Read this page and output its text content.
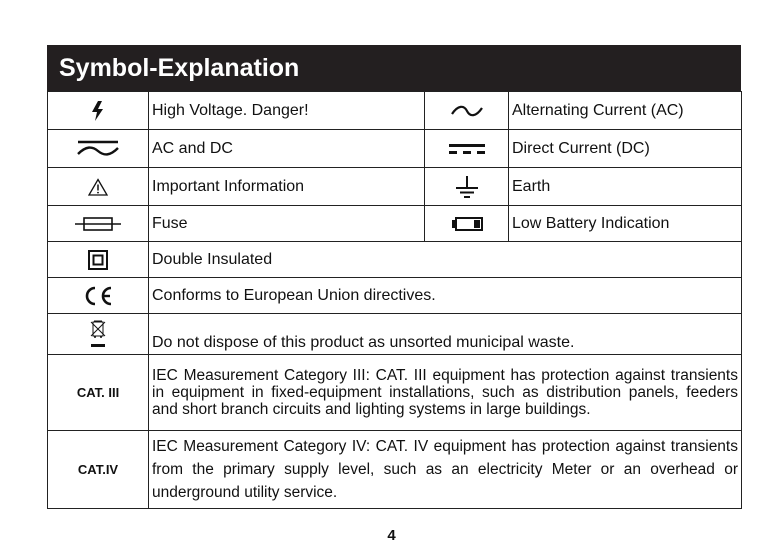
Symbol-Explanation
	High Voltage. Danger!		Alternating Current (AC)

	AC and DC		Direct Current (DC)

	Important Information		Earth

	Fuse		Low Battery Indication

	Double Insulated		

	Conforms to European Union directives.		

	Do not dispose of this product as unsorted municipal waste.		
CAT. III	IEC Measurement Category III: CAT. III equipment has protection against transients in equipment in fixed-equipment installations, such as distribution panels, feeders and short branch circuits and lighting systems in large buildings.		
CAT.IV	IEC Measurement Category IV: CAT. IV equipment has protection against transients from the primary supply level, such as an electricity Meter or an overhead or underground utility service.		
4
